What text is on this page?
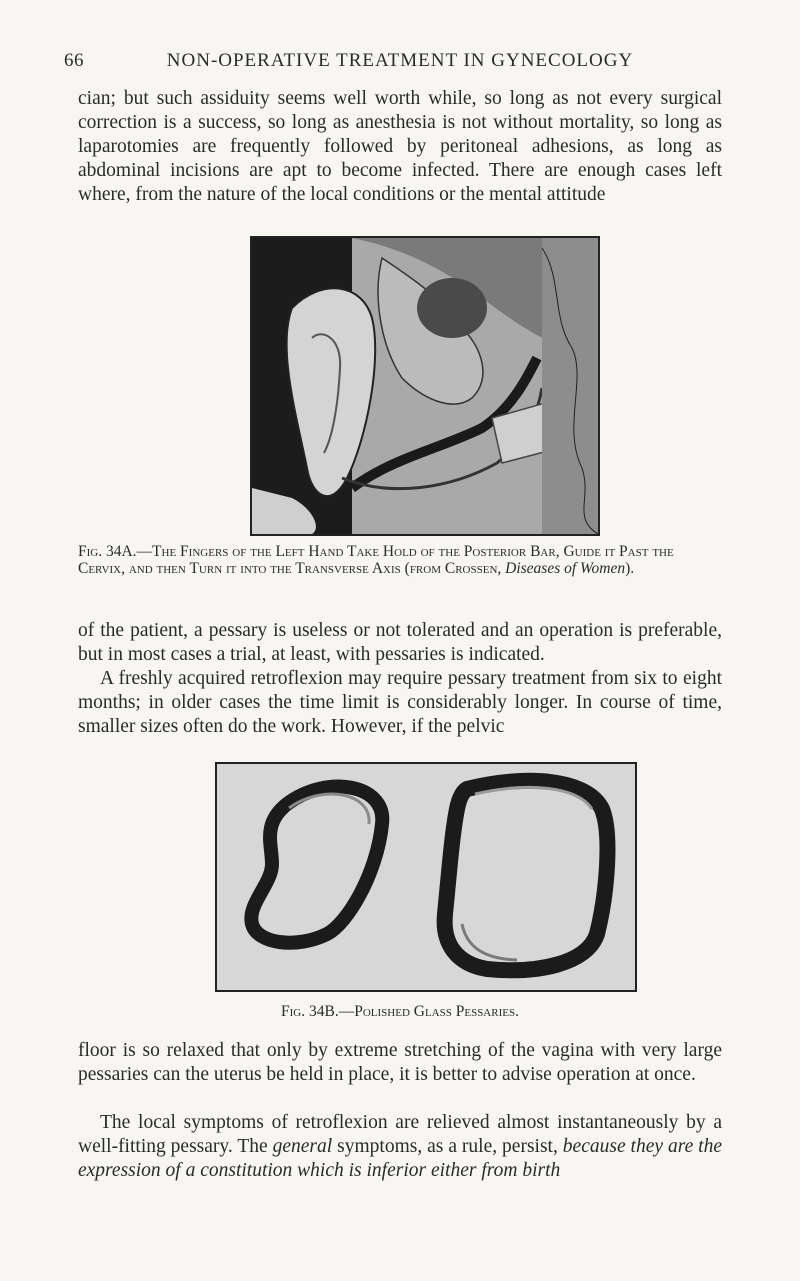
66	NON-OPERATIVE TREATMENT IN GYNECOLOGY

cian; but such assiduity seems well worth while, so long as not every surgical correction is a success, so long as anesthesia is not without mortality, so long as laparotomies are frequently followed by peritoneal adhesions, as long as abdominal incisions are apt to become infected. There are enough cases left where, from the nature of the local conditions or the mental attitude

Fig. 34A.—The Fingers of the Left Hand Take Hold of the Posterior Bar, Guide it Past the Cervix, and then Turn it into the Transverse Axis (from Crossen, Diseases of Women).

of the patient, a pessary is useless or not tolerated and an operation is preferable, but in most cases a trial, at least, with pessaries is indicated.

A freshly acquired retroflexion may require pessary treatment from six to eight months; in older cases the time limit is considerably longer. In course of time, smaller sizes often do the work. However, if the pelvic

Fig. 34B.—Polished Glass Pessaries.

floor is so relaxed that only by extreme stretching of the vagina with very large pessaries can the uterus be held in place, it is better to advise operation at once.

The local symptoms of retroflexion are relieved almost instantaneously by a well-fitting pessary. The general symptoms, as a rule, persist, because they are the expression of a constitution which is inferior either from birth
